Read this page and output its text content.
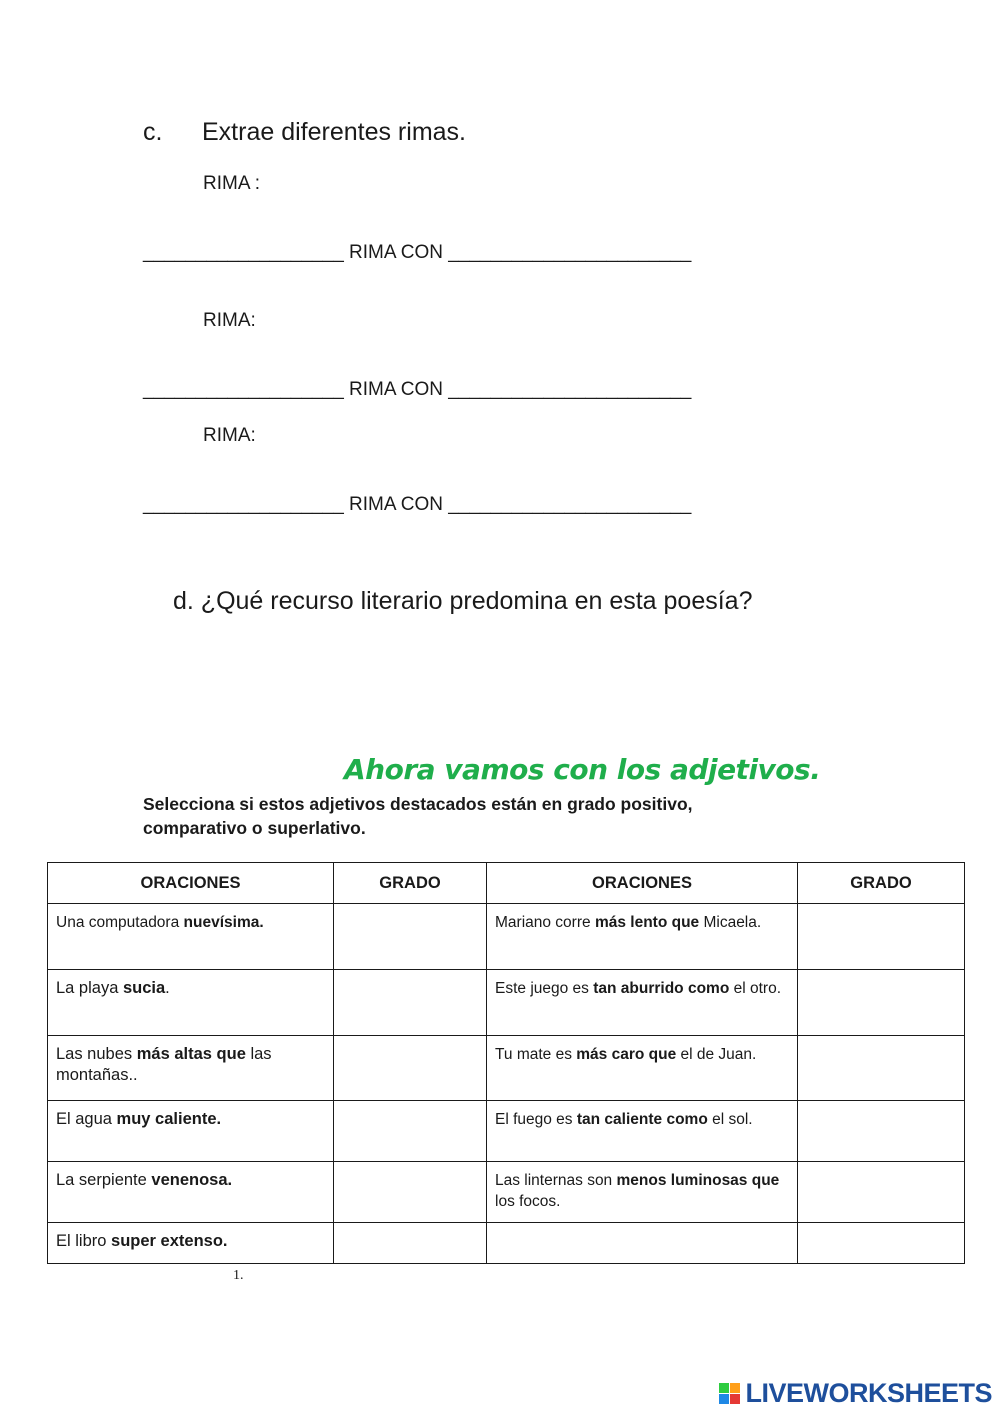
c. Extrae diferentes rimas.
RIMA :
___________________ RIMA CON _______________________
RIMA:
___________________ RIMA CON _______________________
RIMA:
___________________ RIMA CON _______________________
d. ¿Qué recurso literario predomina en esta poesía?
Ahora vamos con los adjetivos.
Selecciona si estos adjetivos destacados están en grado positivo,
comparativo o superlativo.
ORACIONES	GRADO	ORACIONES	GRADO
Una computadora nuevísima.		Mariano corre más lento que Micaela.	
La playa sucia.		Este juego es tan aburrido como el otro.	
Las nubes más altas que las montañas..		Tu mate es más caro que el de Juan.	
El agua muy caliente.		El fuego es tan caliente como el sol.	
La serpiente venenosa.		Las linternas son menos luminosas que los focos.	
El libro super extenso.			
1.
LIVEWORKSHEETS
